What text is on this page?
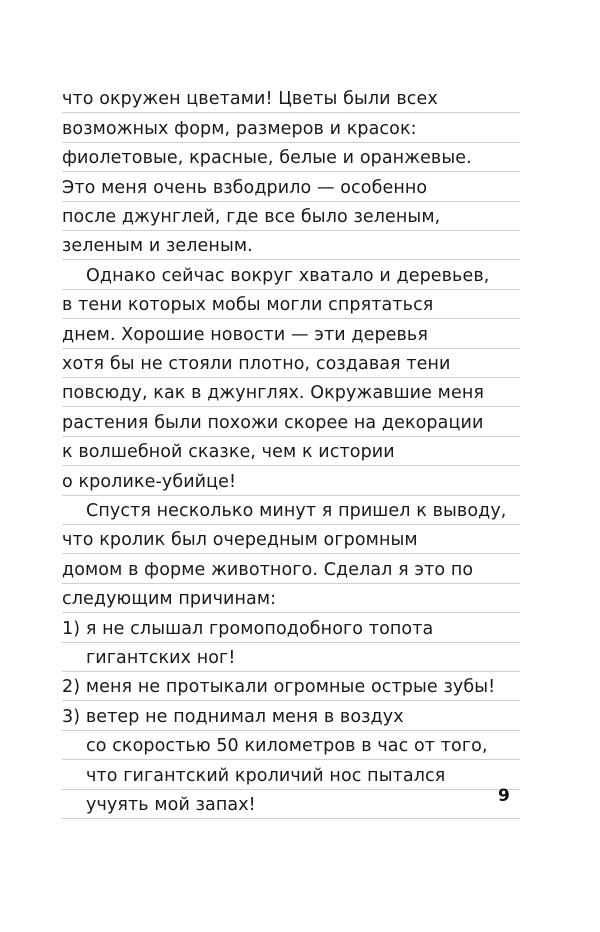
что окружен цветами! Цветы были всех
возможных форм, размеров и красок:
фиолетовые, красные, белые и оранжевые.
Это меня очень взбодрило — особенно
после джунглей, где все было зеленым,
зеленым и зеленым.
Однако сейчас вокруг хватало и деревьев,
в тени которых мобы могли спрятаться
днем. Хорошие новости — эти деревья
хотя бы не стояли плотно, создавая тени
повсюду, как в джунглях. Окружавшие меня
растения были похожи скорее на декорации
к волшебной сказке, чем к истории
о кролике-убийце!
Спустя несколько минут я пришел к выводу,
что кролик был очередным огромным
домом в форме животного. Сделал я это по
следующим причинам:
1) я не слышал громоподобного топота
гигантских ног!
2) меня не протыкали огромные острые зубы!
3) ветер не поднимал меня в воздух
со скоростью 50 километров в час от того,
что гигантский кроличий нос пытался
учуять мой запах!	9
